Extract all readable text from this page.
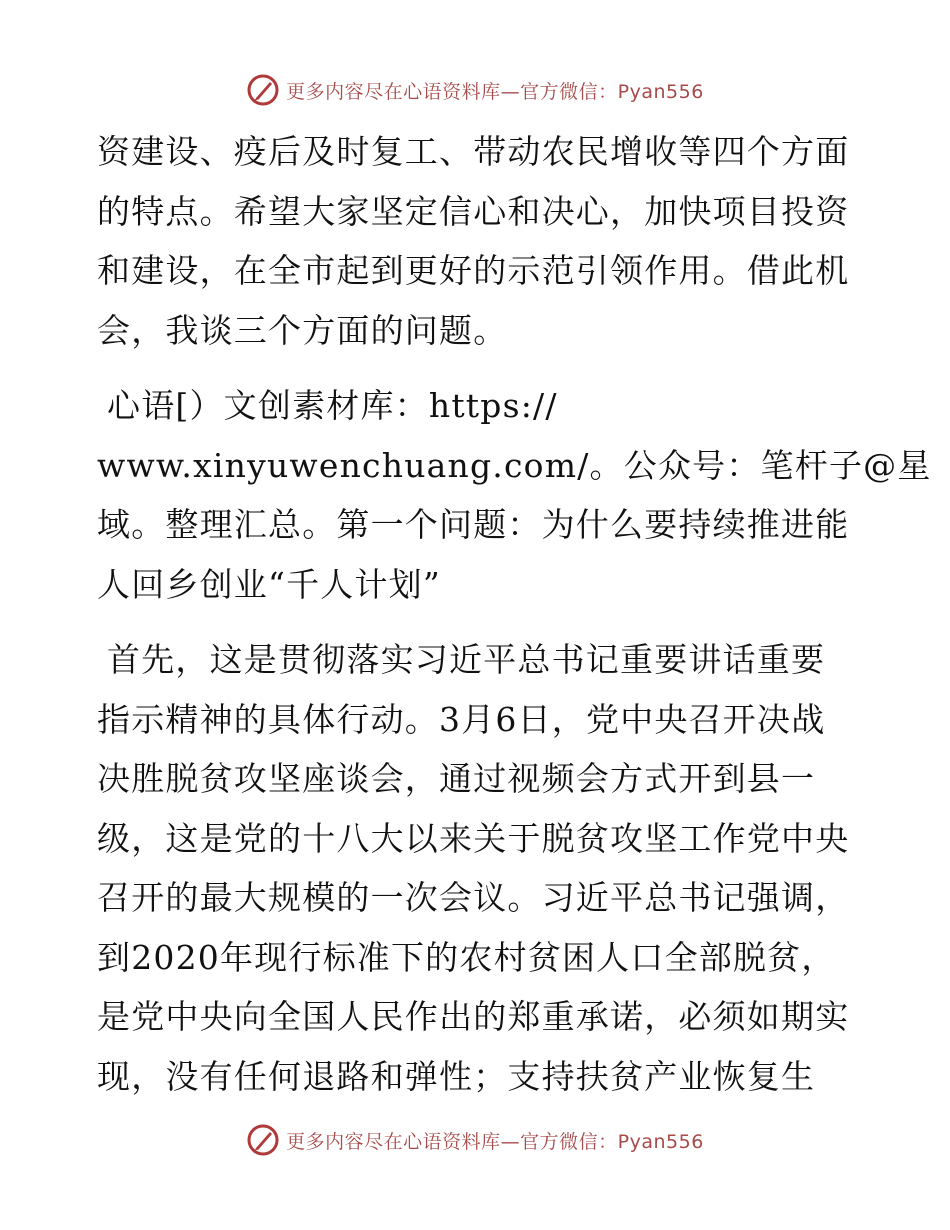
更多内容尽在心语资料库—官方微信：Pyan556

资建设、疫后及时复工、带动农民增收等四个方面
的特点。希望大家坚定信心和决心，加快项目投资
和建设，在全市起到更好的示范引领作用。借此机
会，我谈三个方面的问题。

心语[）文创素材库：https://
www.xinyuwenchuang.com/。公众号：笔杆子@星
域。整理汇总。第一个问题：为什么要持续推进能
人回乡创业“千人计划”

首先，这是贯彻落实习近平总书记重要讲话重要
指示精神的具体行动。3月6日，党中央召开决战
决胜脱贫攻坚座谈会，通过视频会方式开到县一
级，这是党的十八大以来关于脱贫攻坚工作党中央
召开的最大规模的一次会议。习近平总书记强调，
到2020年现行标准下的农村贫困人口全部脱贫，
是党中央向全国人民作出的郑重承诺，必须如期实
现，没有任何退路和弹性；支持扶贫产业恢复生

更多内容尽在心语资料库—官方微信：Pyan556
